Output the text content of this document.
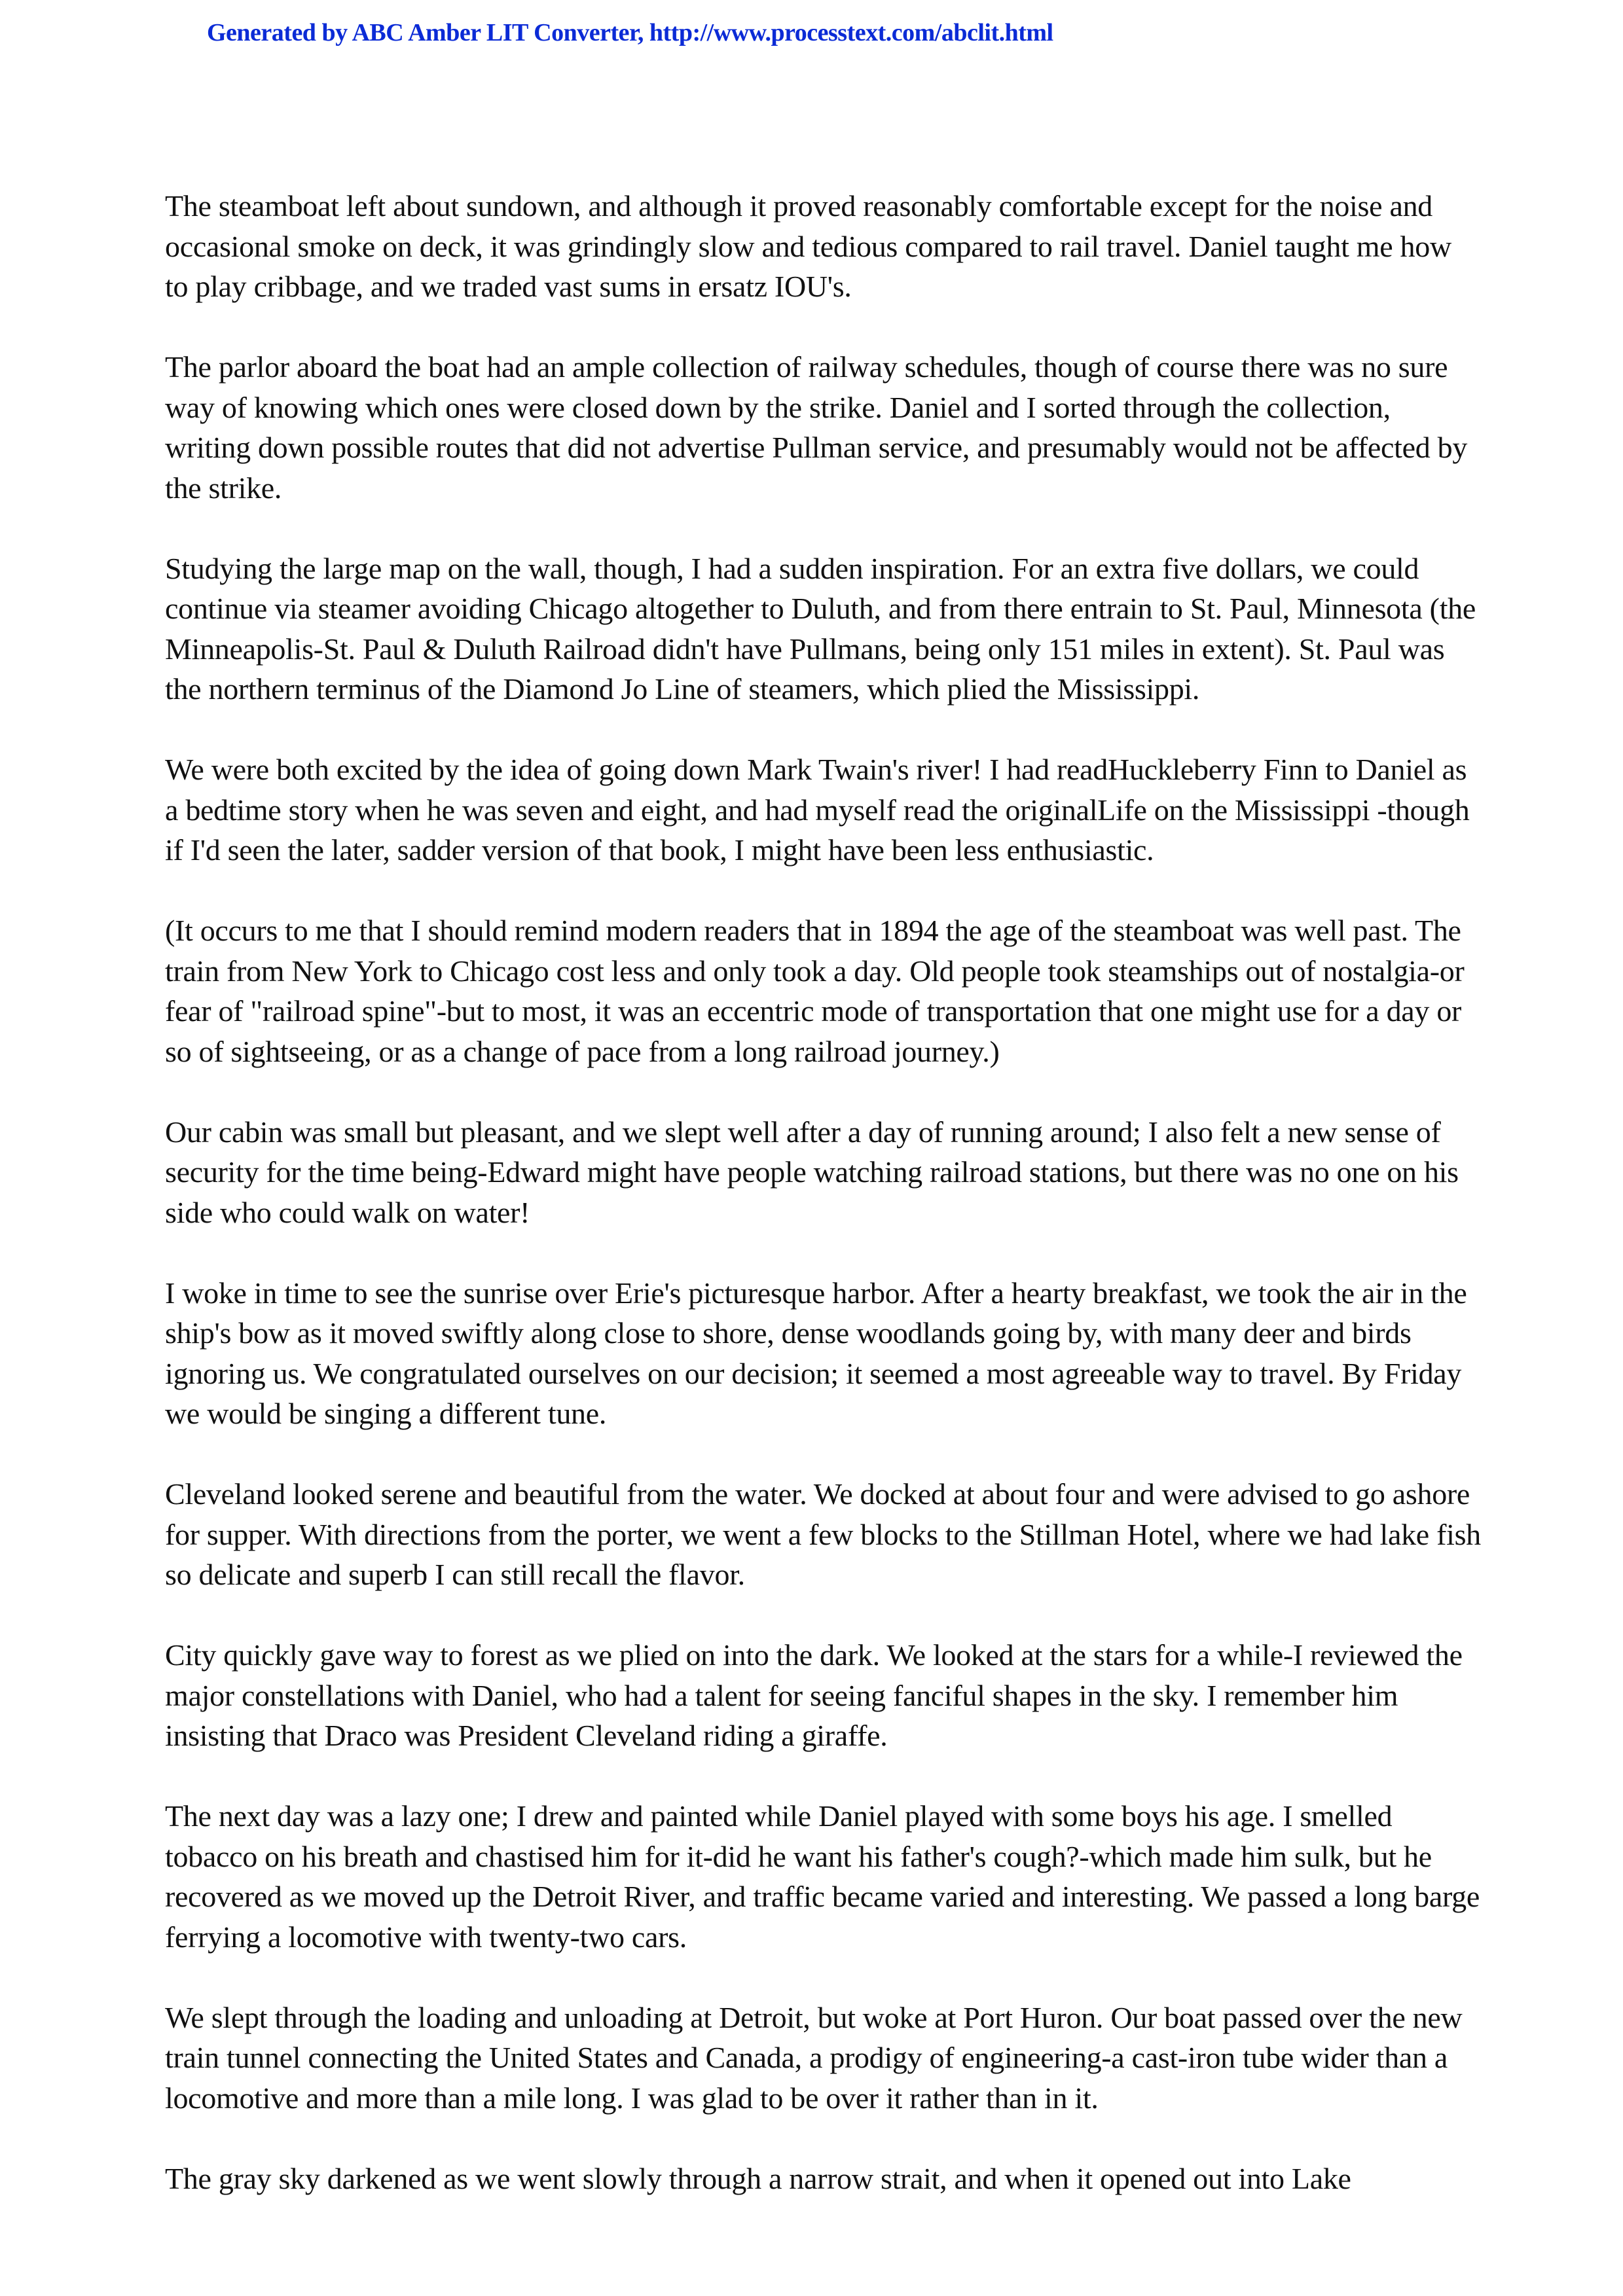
Generated by ABC Amber LIT Converter, http://www.processtext.com/abclit.html

The steamboat left about sundown, and although it proved reasonably comfortable except for the noise and occasional smoke on deck, it was grindingly slow and tedious compared to rail travel. Daniel taught me how to play cribbage, and we traded vast sums in ersatz IOU's.

The parlor aboard the boat had an ample collection of railway schedules, though of course there was no sure way of knowing which ones were closed down by the strike. Daniel and I sorted through the collection, writing down possible routes that did not advertise Pullman service, and presumably would not be affected by the strike.

Studying the large map on the wall, though, I had a sudden inspiration. For an extra five dollars, we could continue via steamer avoiding Chicago altogether to Duluth, and from there entrain to St. Paul, Minnesota (the Minneapolis-St. Paul & Duluth Railroad didn't have Pullmans, being only 151 miles in extent). St. Paul was the northern terminus of the Diamond Jo Line of steamers, which plied the Mississippi.

We were both excited by the idea of going down Mark Twain's river! I had readHuckleberry Finn to Daniel as a bedtime story when he was seven and eight, and had myself read the originalLife on the Mississippi -though if I'd seen the later, sadder version of that book, I might have been less enthusiastic.

(It occurs to me that I should remind modern readers that in 1894 the age of the steamboat was well past. The train from New York to Chicago cost less and only took a day. Old people took steamships out of nostalgia-or fear of "railroad spine"-but to most, it was an eccentric mode of transportation that one might use for a day or so of sightseeing, or as a change of pace from a long railroad journey.)

Our cabin was small but pleasant, and we slept well after a day of running around; I also felt a new sense of security for the time being-Edward might have people watching railroad stations, but there was no one on his side who could walk on water!

I woke in time to see the sunrise over Erie's picturesque harbor. After a hearty breakfast, we took the air in the ship's bow as it moved swiftly along close to shore, dense woodlands going by, with many deer and birds ignoring us. We congratulated ourselves on our decision; it seemed a most agreeable way to travel. By Friday we would be singing a different tune.

Cleveland looked serene and beautiful from the water. We docked at about four and were advised to go ashore for supper. With directions from the porter, we went a few blocks to the Stillman Hotel, where we had lake fish so delicate and superb I can still recall the flavor.

City quickly gave way to forest as we plied on into the dark. We looked at the stars for a while-I reviewed the major constellations with Daniel, who had a talent for seeing fanciful shapes in the sky. I remember him insisting that Draco was President Cleveland riding a giraffe.

The next day was a lazy one; I drew and painted while Daniel played with some boys his age. I smelled tobacco on his breath and chastised him for it-did he want his father's cough?-which made him sulk, but he recovered as we moved up the Detroit River, and traffic became varied and interesting. We passed a long barge ferrying a locomotive with twenty-two cars.

We slept through the loading and unloading at Detroit, but woke at Port Huron. Our boat passed over the new train tunnel connecting the United States and Canada, a prodigy of engineering-a cast-iron tube wider than a locomotive and more than a mile long. I was glad to be over it rather than in it.

The gray sky darkened as we went slowly through a narrow strait, and when it opened out into Lake
